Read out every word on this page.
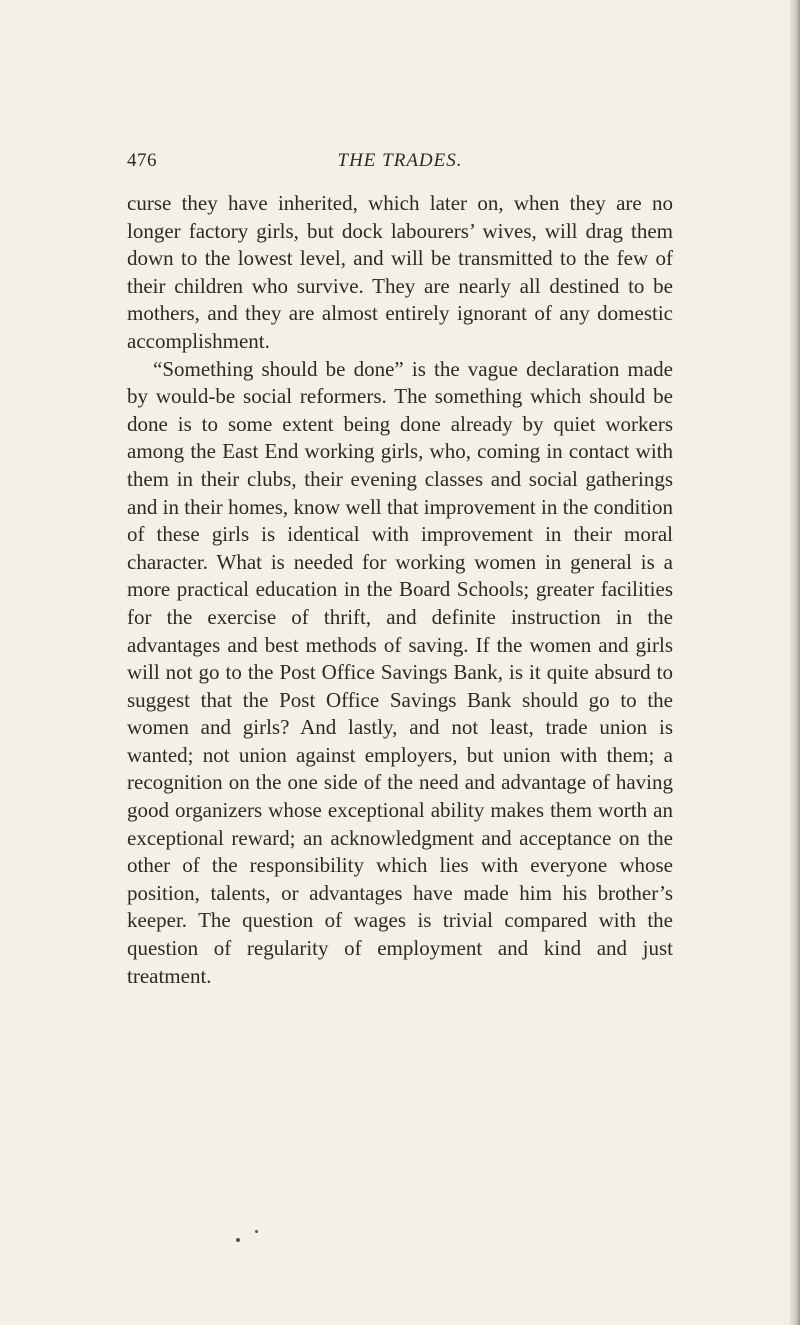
476	THE TRADES.

curse they have inherited, which later on, when they are no longer factory girls, but dock labourers’ wives, will drag them down to the lowest level, and will be transmitted to the few of their children who survive. They are nearly all destined to be mothers, and they are almost entirely ignorant of any domestic accomplishment.

“Something should be done” is the vague declaration made by would-be social reformers. The something which should be done is to some extent being done already by quiet workers among the East End working girls, who, coming in contact with them in their clubs, their evening classes and social gatherings and in their homes, know well that improvement in the condition of these girls is identical with improvement in their moral character. What is needed for working women in general is a more practical education in the Board Schools; greater facilities for the exercise of thrift, and definite instruction in the advantages and best methods of saving. If the women and girls will not go to the Post Office Savings Bank, is it quite absurd to suggest that the Post Office Savings Bank should go to the women and girls? And lastly, and not least, trade union is wanted; not union against employers, but union with them; a recognition on the one side of the need and advantage of having good organizers whose exceptional ability makes them worth an exceptional reward; an acknowledgment and acceptance on the other of the responsibility which lies with everyone whose position, talents, or advantages have made him his brother’s keeper. The question of wages is trivial compared with the question of regularity of employment and kind and just treatment.
